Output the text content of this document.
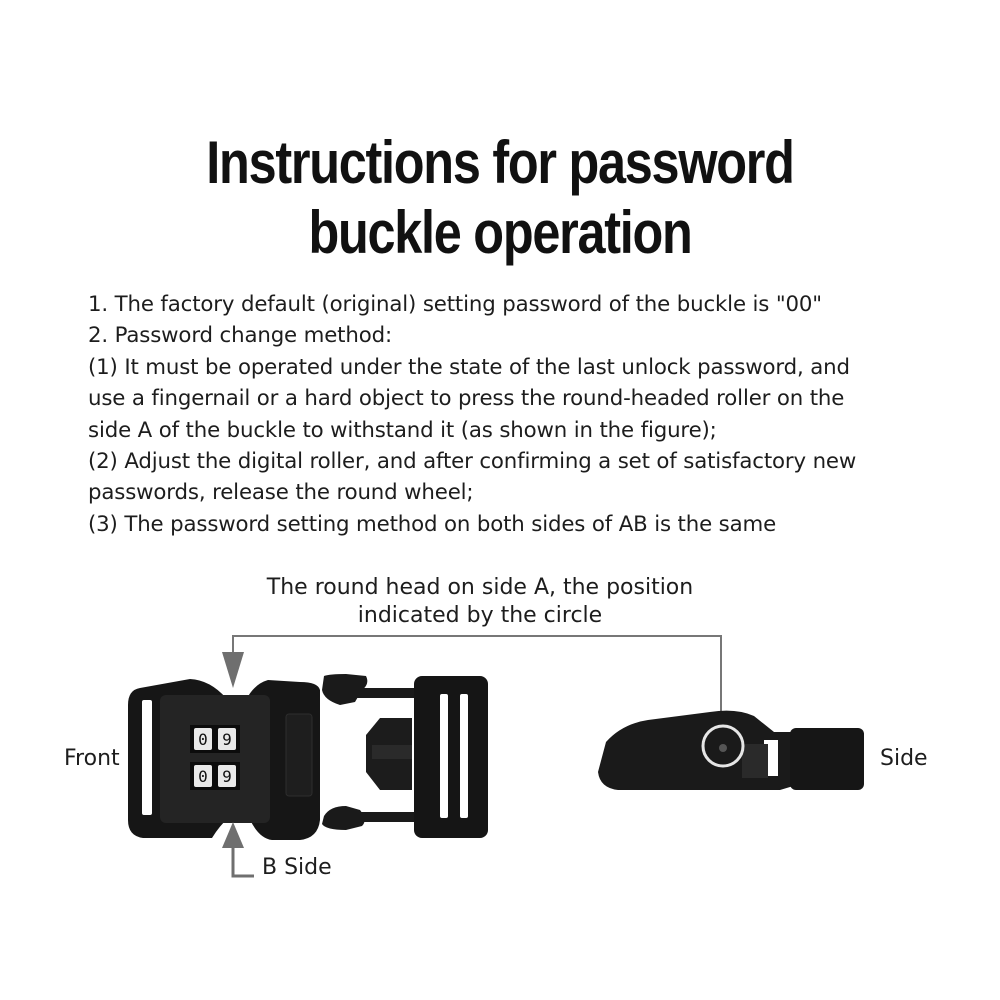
Instructions for password
buckle operation
1. The factory default (original) setting password of the buckle is "00"
2. Password change method:
(1) It must be operated under the state of the last unlock password, and
use a fingernail or a hard object to press the round-headed roller on the
side A of the buckle to withstand it (as shown in the figure);
(2) Adjust the digital roller, and after confirming a set of satisfactory new
passwords, release the round wheel;
(3) The password setting method on both sides of AB is the same
The round head on side A, the position
indicated by the circle
Front	Side
B Side
0 9
0 9
